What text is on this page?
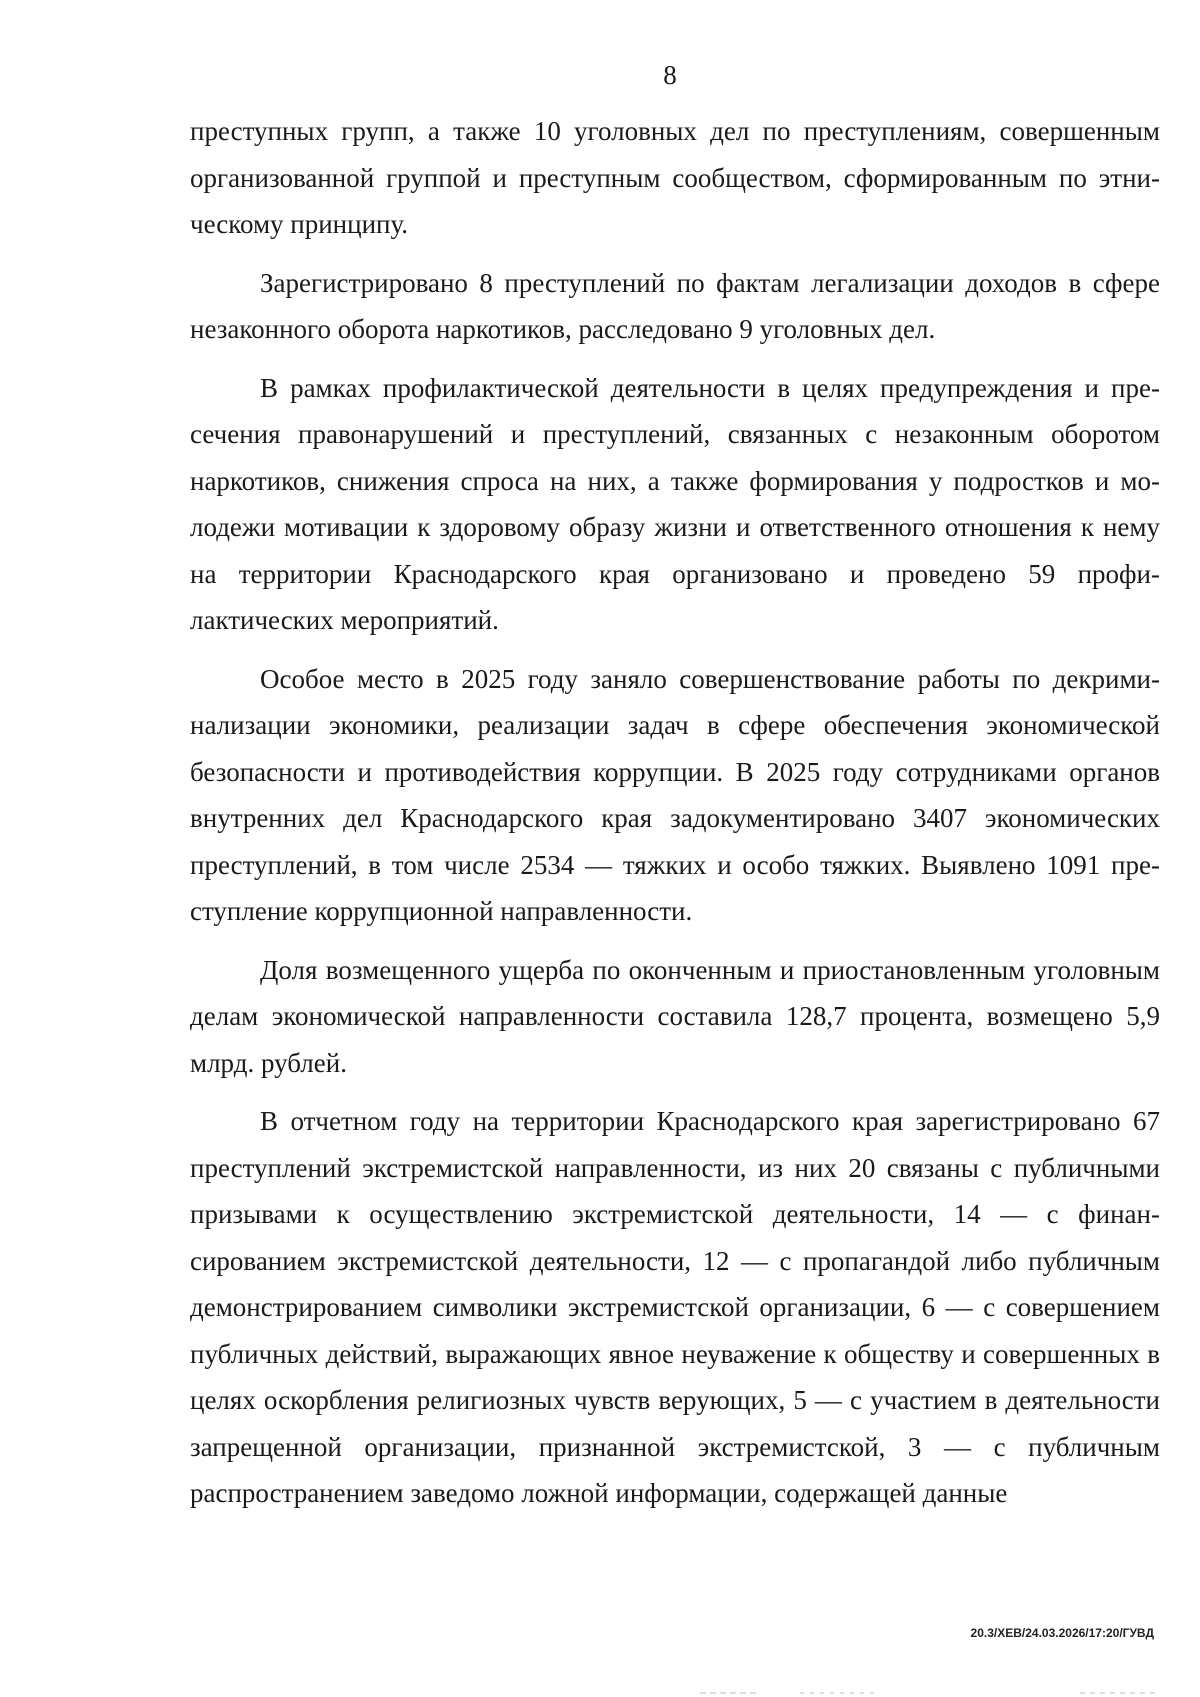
8

преступных групп, а также 10 уголовных дел по преступлениям, совершенным организованной группой и преступным сообществом, сформированным по этническому принципу.

Зарегистрировано 8 преступлений по фактам легализации доходов в сфере незаконного оборота наркотиков, расследовано 9 уголовных дел.

В рамках профилактической деятельности в целях предупреждения и пресечения правонарушений и преступлений, связанных с незаконным оборотом наркотиков, снижения спроса на них, а также формирования у подростков и молодежи мотивации к здоровому образу жизни и ответственного отношения к нему на территории Краснодарского края организовано и проведено 59 профилактических мероприятий.

Особое место в 2025 году заняло совершенствование работы по декриминализации экономики, реализации задач в сфере обеспечения экономической безопасности и противодействия коррупции. В 2025 году сотрудниками органов внутренних дел Краснодарского края задокументировано 3407 экономических преступлений, в том числе 2534 — тяжких и особо тяжких. Выявлено 1091 преступление коррупционной направленности.

Доля возмещенного ущерба по оконченным и приостановленным уголовным делам экономической направленности составила 128,7 процента, возмещено 5,9 млрд. рублей.

В отчетном году на территории Краснодарского края зарегистрировано 67 преступлений экстремистской направленности, из них 20 связаны с публичными призывами к осуществлению экстремистской деятельности, 14 — с финансированием экстремистской деятельности, 12 — с пропагандой либо публичным демонстрированием символики экстремистской организации, 6 — с совершением публичных действий, выражающих явное неуважение к обществу и совершенных в целях оскорбления религиозных чувств верующих, 5 — с участием в деятельности запрещенной организации, признанной экстремистской, 3 — с публичным распространением заведомо ложной информации, содержащей данные

20.3/ХЕВ/24.03.2026/17:20/ГУВД
